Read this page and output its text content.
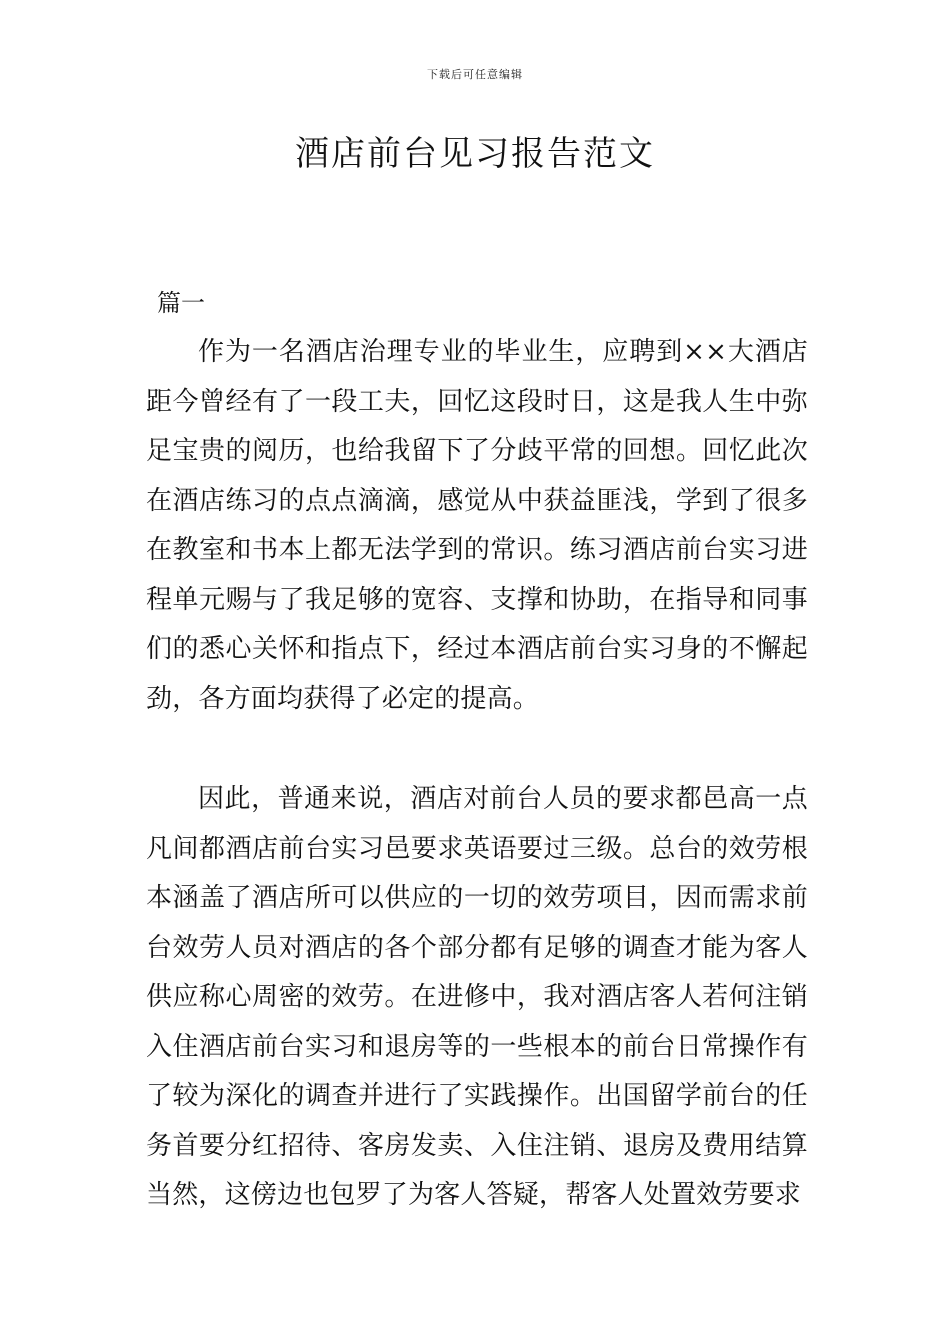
下载后可任意编辑
酒店前台见习报告范文
篇一

作为一名酒店治理专业的毕业生，应聘到××大酒店距今曾经有了一段工夫，回忆这段时日，这是我人生中弥足宝贵的阅历，也给我留下了分歧平常的回想。回忆此次在酒店练习的点点滴滴，感觉从中获益匪浅，学到了很多在教室和书本上都无法学到的常识。练习酒店前台实习进程单元赐与了我足够的宽容、支撑和协助，在指导和同事们的悉心关怀和指点下，经过本酒店前台实习身的不懈起劲，各方面均获得了必定的提高。

因此，普通来说，酒店对前台人员的要求都邑高一点凡间都酒店前台实习邑要求英语要过三级。总台的效劳根本涵盖了酒店所可以供应的一切的效劳项目，因而需求前台效劳人员对酒店的各个部分都有足够的调查才能为客人供应称心周密的效劳。在进修中，我对酒店客人若何注销入住酒店前台实习和退房等的一些根本的前台日常操作有了较为深化的调查并进行了实践操作。出国留学前台的任务首要分红招待、客房发卖、入住注销、退房及费用结算当然，这傍边也包罗了为客人答疑，帮客人处置效劳要求
